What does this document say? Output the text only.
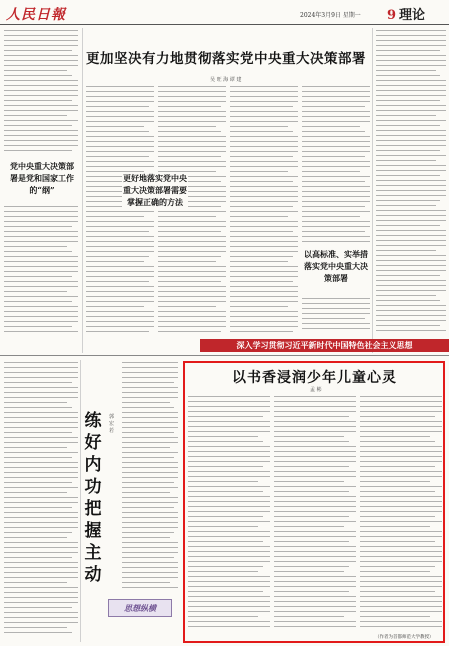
人民日報	2024年3月9日 星期一 9 理论
党中央重大决策部署是党和国家工作的“纲”
更加坚决有力地贯彻落实党中央重大决策部署
吴 旺 海 谭 建
更好地落实党中央重大决策部署需要掌握正确的方法
以高标准、实举措落实党中央重大决策部署
深入学习贯彻习近平新时代中国特色社会主义思想
练好内功把握主动
郭 宏 若
思想纵横
以书香浸润少年儿童心灵
孟 彬
（作者为首都师范大学教授）
